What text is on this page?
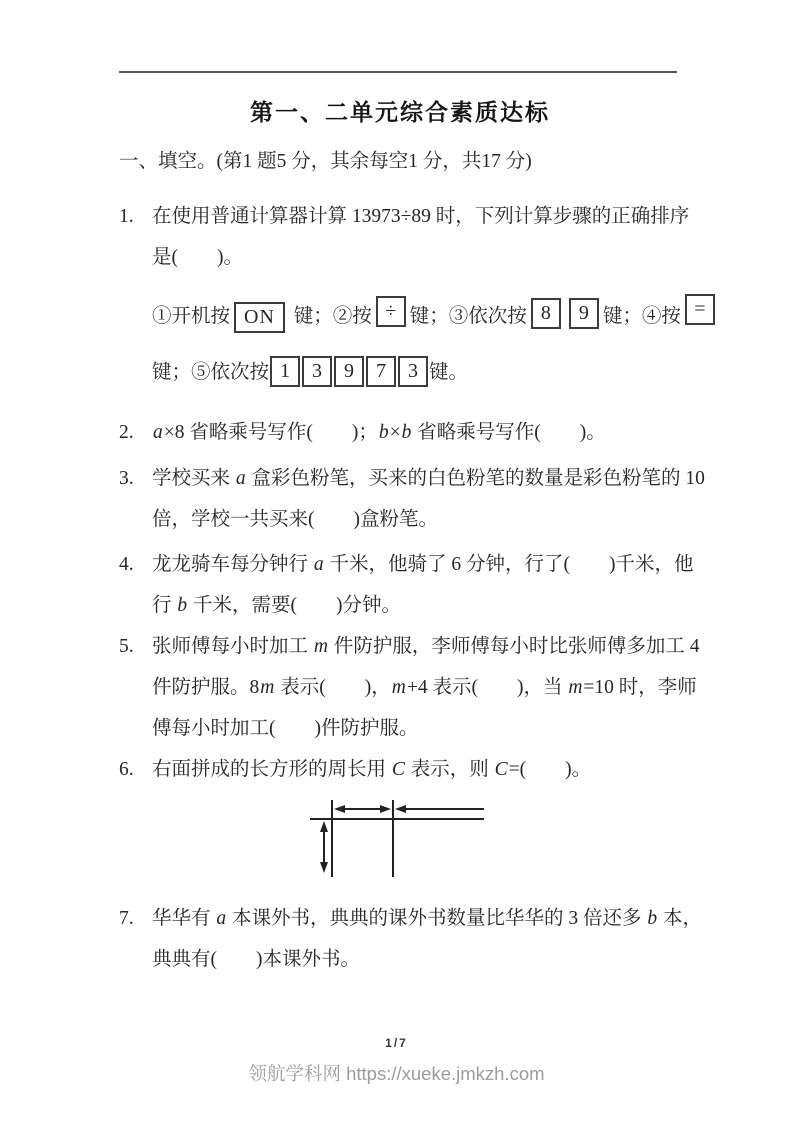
第一、二单元综合素质达标
一、填空。(第1 题5 分，其余每空1 分，共17 分)
1. 在使用普通计算器计算 13973÷89 时，下列计算步骤的正确排序
是(　　)。
①开机按 ON 键；②按 ÷ 键；③依次按 8 9 键；④按 =
键；⑤依次按 1 3 9 7 3 键。
2. a×8 省略乘号写作(　　)；b×b 省略乘号写作(　　)。
3. 学校买来 a 盒彩色粉笔，买来的白色粉笔的数量是彩色粉笔的 10
倍，学校一共买来(　　)盒粉笔。
4. 龙龙骑车每分钟行 a 千米，他骑了 6 分钟，行了(　　)千米，他
行 b 千米，需要(　　)分钟。
5. 张师傅每小时加工 m 件防护服，李师傅每小时比张师傅多加工 4
件防护服。8m 表示(　　)，m+4 表示(　　)，当 m=10 时，李师
傅每小时加工(　　)件防护服。
6. 右面拼成的长方形的周长用 C 表示，则 C=(　　)。
7. 华华有 a 本课外书，典典的课外书数量比华华的 3 倍还多 b 本，
典典有(　　)本课外书。
1/7
领航学科网 https://xueke.jmkzh.com
